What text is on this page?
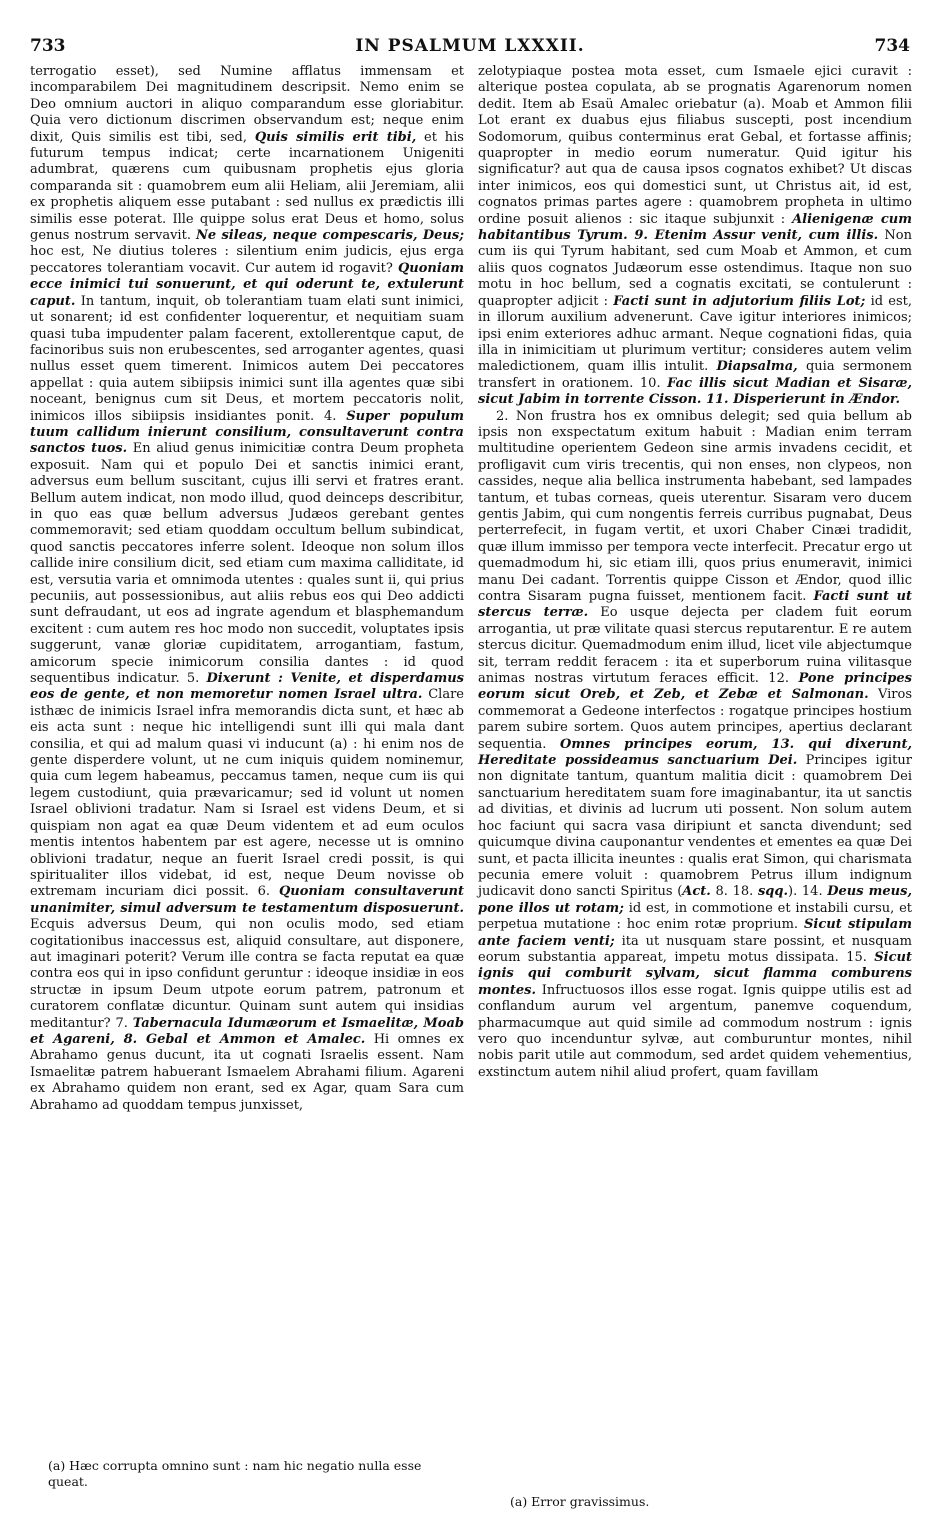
733	IN PSALMUM LXXXII.	734

terrogatio esset), sed Numine afflatus immensam et incomparabilem Dei magnitudinem descripsit. Nemo enim se Deo omnium auctori in aliquo comparandum esse gloriabitur. Quia vero dictionum discrimen observandum est; neque enim dixit, Quis similis est tibi, sed, Quis similis erit tibi, et his futurum tempus indicat; certe incarnationem Unigeniti adumbrat, quærens cum quibusnam prophetis ejus gloria comparanda sit : quamobrem eum alii Heliam, alii Jeremiam, alii ex prophetis aliquem esse putabant : sed nullus ex prædictis illi similis esse poterat. Ille quippe solus erat Deus et homo, solus genus nostrum servavit. Ne sileas, neque compescaris, Deus; hoc est, Ne diutius toleres : silentium enim judicis, ejus erga peccatores tolerantiam vocavit. Cur autem id rogavit? Quoniam ecce inimici tui sonuerunt, et qui oderunt te, extulerunt caput. In tantum, inquit, ob tolerantiam tuam elati sunt inimici, ut sonarent; id est confidenter loquerentur, et nequitiam suam quasi tuba impudenter palam facerent, extollerentque caput, de facinoribus suis non erubescentes, sed arroganter agentes, quasi nullus esset quem timerent. Inimicos autem Dei peccatores appellat : quia autem sibiipsis inimici sunt illa agentes quæ sibi noceant, benignus cum sit Deus, et mortem peccatoris nolit, inimicos illos sibiipsis insidiantes ponit. 4. Super populum tuum callidum inierunt consilium, consultaverunt contra sanctos tuos. En aliud genus inimicitiæ contra Deum propheta exposuit. Nam qui et populo Dei et sanctis inimici erant, adversus eum bellum suscitant, cujus illi servi et fratres erant. Bellum autem indicat, non modo illud, quod deinceps describitur, in quo eas quæ bellum adversus Judæos gerebant gentes commemoravit; sed etiam quoddam occultum bellum subindicat, quod sanctis peccatores inferre solent. Ideoque non solum illos callide inire consilium dicit, sed etiam cum maxima calliditate, id est, versutia varia et omnimoda utentes : quales sunt ii, qui prius pecuniis, aut possessionibus, aut aliis rebus eos qui Deo addicti sunt defraudant, ut eos ad ingrate agendum et blasphemandum excitent : cum autem res hoc modo non succedit, voluptates ipsis suggerunt, vanæ gloriæ cupiditatem, arrogantiam, fastum, amicorum specie inimicorum consilia dantes : id quod sequentibus indicatur. 5. Dixerunt : Venite, et disperdamus eos de gente, et non memoretur nomen Israel ultra. Clare isthæc de inimicis Israel infra memorandis dicta sunt, et hæc ab eis acta sunt : neque hic intelligendi sunt illi qui mala dant consilia, et qui ad malum quasi vi inducunt (a) : hi enim nos de gente disperdere volunt, ut ne cum iniquis quidem nominemur, quia cum legem habeamus, peccamus tamen, neque cum iis qui legem custodiunt, quia prævaricamur; sed id volunt ut nomen Israel oblivioni tradatur. Nam si Israel est videns Deum, et si quispiam non agat ea quæ Deum videntem et ad eum oculos mentis intentos habentem par est agere, necesse ut is omnino oblivioni tradatur, neque an fuerit Israel credi possit, is qui spiritualiter illos videbat, id est, neque Deum novisse ob extremam incuriam dici possit. 6. Quoniam consultaverunt unanimiter, simul adversum te testamentum disposuerunt. Ecquis adversus Deum, qui non oculis modo, sed etiam cogitationibus inaccessus est, aliquid consultare, aut disponere, aut imaginari poterit? Verum ille contra se facta reputat ea quæ contra eos qui in ipso confidunt geruntur : ideoque insidiæ in eos structæ in ipsum Deum utpote eorum patrem, patronum et curatorem conflatæ dicuntur. Quinam sunt autem qui insidias meditantur? 7. Tabernacula Idumæorum et Ismaelitæ, Moab et Agareni, 8. Gebal et Ammon et Amalec. Hi omnes ex Abrahamo genus ducunt, ita ut cognati Israelis essent. Nam Ismaelitæ patrem habuerant Ismaelem Abrahami filium. Agareni ex Abrahamo quidem non erant, sed ex Agar, quam Sara cum Abrahamo ad quoddam tempus junxisset,

zelotypiaque postea mota esset, cum Ismaele ejici curavit : alterique postea copulata, ab se prognatis Agarenorum nomen dedit. Item ab Esaü Amalec oriebatur (a). Moab et Ammon filii Lot erant ex duabus ejus filiabus suscepti, post incendium Sodomorum, quibus conterminus erat Gebal, et fortasse affinis; quapropter in medio eorum numeratur. Quid igitur his significatur? aut qua de causa ipsos cognatos exhibet? Ut discas inter inimicos, eos qui domestici sunt, ut Christus ait, id est, cognatos primas partes agere : quamobrem propheta in ultimo ordine posuit alienos : sic itaque subjunxit : Alienigenæ cum habitantibus Tyrum. 9. Etenim Assur venit, cum illis. Non cum iis qui Tyrum habitant, sed cum Moab et Ammon, et cum aliis quos cognatos Judæorum esse ostendimus. Itaque non suo motu in hoc bellum, sed a cognatis excitati, se contulerunt : quapropter adjicit : Facti sunt in adjutorium filiis Lot; id est, in illorum auxilium advenerunt. Cave igitur interiores inimicos; ipsi enim exteriores adhuc armant. Neque cognationi fidas, quia illa in inimicitiam ut plurimum vertitur; consideres autem velim maledictionem, quam illis intulit. Diapsalma, quia sermonem transfert in orationem. 10. Fac illis sicut Madian et Sisaræ, sicut Jabim in torrente Cisson. 11. Disperierunt in Ændor.

2. Non frustra hos ex omnibus delegit; sed quia bellum ab ipsis non exspectatum exitum habuit : Madian enim terram multitudine operientem Gedeon sine armis invadens cecidit, et profligavit cum viris trecentis, qui non enses, non clypeos, non cassides, neque alia bellica instrumenta habebant, sed lampades tantum, et tubas corneas, queis uterentur. Sisaram vero ducem gentis Jabim, qui cum nongentis ferreis curribus pugnabat, Deus perterrefecit, in fugam vertit, et uxori Chaber Cinæi tradidit, quæ illum immisso per tempora vecte interfecit. Precatur ergo ut quemadmodum hi, sic etiam illi, quos prius enumeravit, inimici manu Dei cadant. Torrentis quippe Cisson et Ændor, quod illic contra Sisaram pugna fuisset, mentionem facit. Facti sunt ut stercus terræ. Eo usque dejecta per cladem fuit eorum arrogantia, ut præ vilitate quasi stercus reputarentur. E re autem stercus dicitur. Quemadmodum enim illud, licet vile abjectumque sit, terram reddit feracem : ita et superborum ruina vilitasque animas nostras virtutum feraces efficit. 12. Pone principes eorum sicut Oreb, et Zeb, et Zebæ et Salmonan. Viros commemorat a Gedeone interfectos : rogatque principes hostium parem subire sortem. Quos autem principes, apertius declarant sequentia. Omnes principes eorum, 13. qui dixerunt, Hereditate possideamus sanctuarium Dei. Principes igitur non dignitate tantum, quantum malitia dicit : quamobrem Dei sanctuarium hereditatem suam fore imaginabantur, ita ut sanctis ad divitias, et divinis ad lucrum uti possent. Non solum autem hoc faciunt qui sacra vasa diripiunt et sancta divendunt; sed quicumque divina cauponantur vendentes et ementes ea quæ Dei sunt, et pacta illicita ineuntes : qualis erat Simon, qui charismata pecunia emere voluit : quamobrem Petrus illum indignum judicavit dono sancti Spiritus (Act. 8. 18. sqq.). 14. Deus meus, pone illos ut rotam; id est, in commotione et instabili cursu, et perpetua mutatione : hoc enim rotæ proprium. Sicut stipulam ante faciem venti; ita ut nusquam stare possint, et nusquam eorum substantia appareat, impetu motus dissipata. 15. Sicut ignis qui comburit sylvam, sicut flamma comburens montes. Infructuosos illos esse rogat. Ignis quippe utilis est ad conflandum aurum vel argentum, panemve coquendum, pharmacumque aut quid simile ad commodum nostrum : ignis vero quo incenduntur sylvæ, aut comburuntur montes, nihil nobis parit utile aut commodum, sed ardet quidem vehementius, exstinctum autem nihil aliud profert, quam favillam

(a) Hæc corrupta omnino sunt : nam hic negatio nulla esse queat.
(a) Error gravissimus.
